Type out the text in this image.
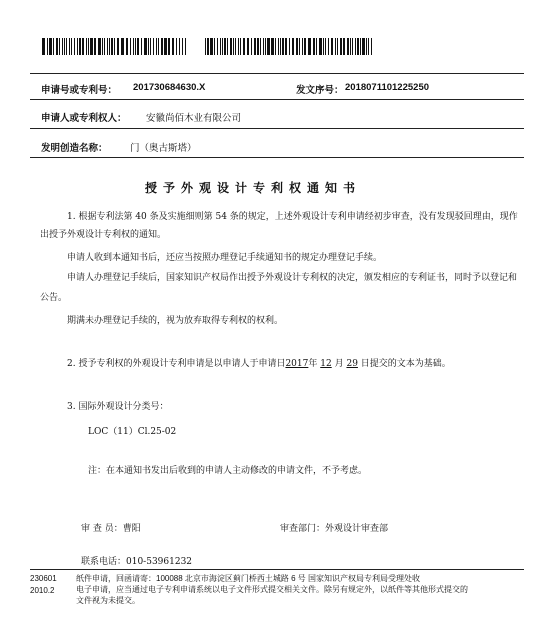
申请号或专利号： 201730684630.X	发文序号： 2018071101225250
申请人或专利权人： 安徽尚佰木业有限公司
发明创造名称： 门（奥古斯塔）
授予外观设计专利权通知书
1. 根据专利法第 40 条及实施细则第 54 条的规定，上述外观设计专利申请经初步审查，没有发现驳回理由，现作
出授予外观设计专利权的通知。
申请人收到本通知书后，还应当按照办理登记手续通知书的规定办理登记手续。
申请人办理登记手续后，国家知识产权局作出授予外观设计专利权的决定，颁发相应的专利证书，同时予以登记和
公告。
期满未办理登记手续的，视为放弃取得专利权的权利。
2. 授予专利权的外观设计专利申请是以申请人于申请日2017年 12 月 29 日提交的文本为基础。
3. 国际外观设计分类号：
LOC（11）Cl.25-02
注：在本通知书发出后收到的申请人主动修改的申请文件，不予考虑。
审 查 员：曹阳	审查部门：外观设计审查部
联系电话：010-53961232
230601
2010.2
纸件申请，回函请寄：100088 北京市海淀区蓟门桥西土城路 6 号 国家知识产权局专利局受理处收
电子申请，应当通过电子专利申请系统以电子文件形式提交相关文件。除另有规定外，以纸件等其他形式提交的
文件视为未提交。
